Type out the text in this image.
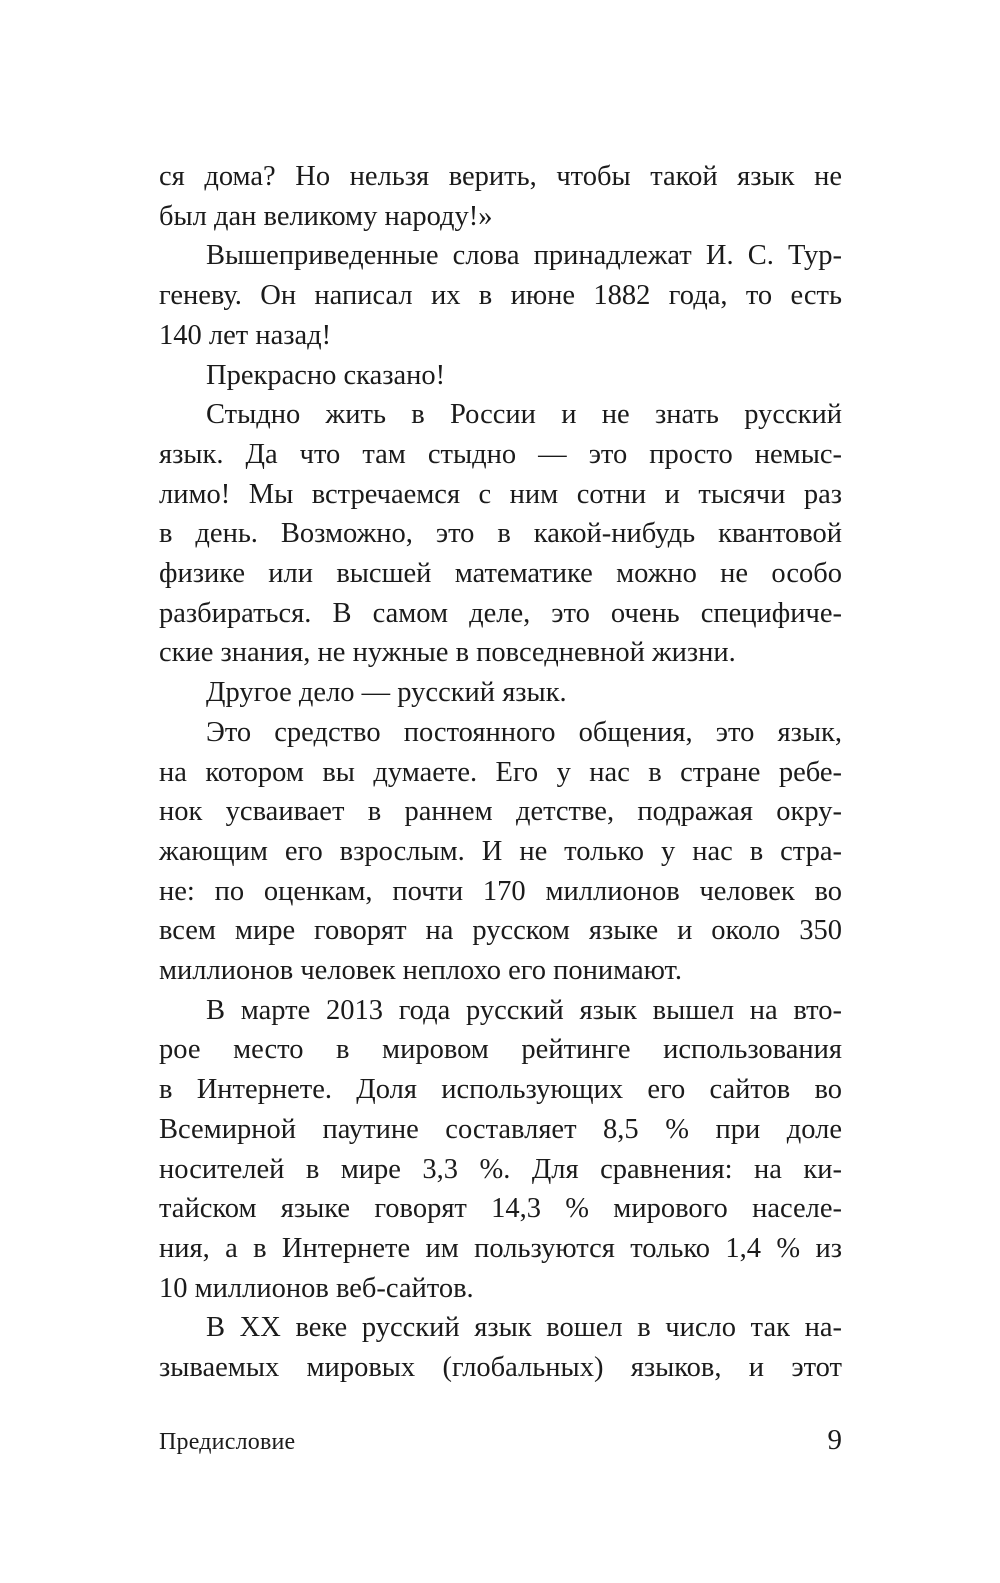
ся дома? Но нельзя верить, чтобы такой язык не
был дан великому народу!»
Вышеприведенные слова принадлежат И. С. Тур-
геневу. Он написал их в июне 1882 года, то есть
140 лет назад!
Прекрасно сказано!
Стыдно жить в России и не знать русский
язык. Да что там стыдно — это просто немыс-
лимо! Мы встречаемся с ним сотни и тысячи раз
в день. Возможно, это в какой-нибудь квантовой
физике или высшей математике можно не особо
разбираться. В самом деле, это очень специфиче-
ские знания, не нужные в повседневной жизни.
Другое дело — русский язык.
Это средство постоянного общения, это язык,
на котором вы думаете. Его у нас в стране ребе-
нок усваивает в раннем детстве, подражая окру-
жающим его взрослым. И не только у нас в стра-
не: по оценкам, почти 170 миллионов человек во
всем мире говорят на русском языке и около 350
миллионов человек неплохо его понимают.
В марте 2013 года русский язык вышел на вто-
рое место в мировом рейтинге использования
в Интернете. Доля использующих его сайтов во
Всемирной паутине составляет 8,5 % при доле
носителей в мире 3,3 %. Для сравнения: на ки-
тайском языке говорят 14,3 % мирового населе-
ния, а в Интернете им пользуются только 1,4 % из
10 миллионов веб-сайтов.
В XX веке русский язык вошел в число так на-
зываемых мировых (глобальных) языков, и этот
Предисловие	9
